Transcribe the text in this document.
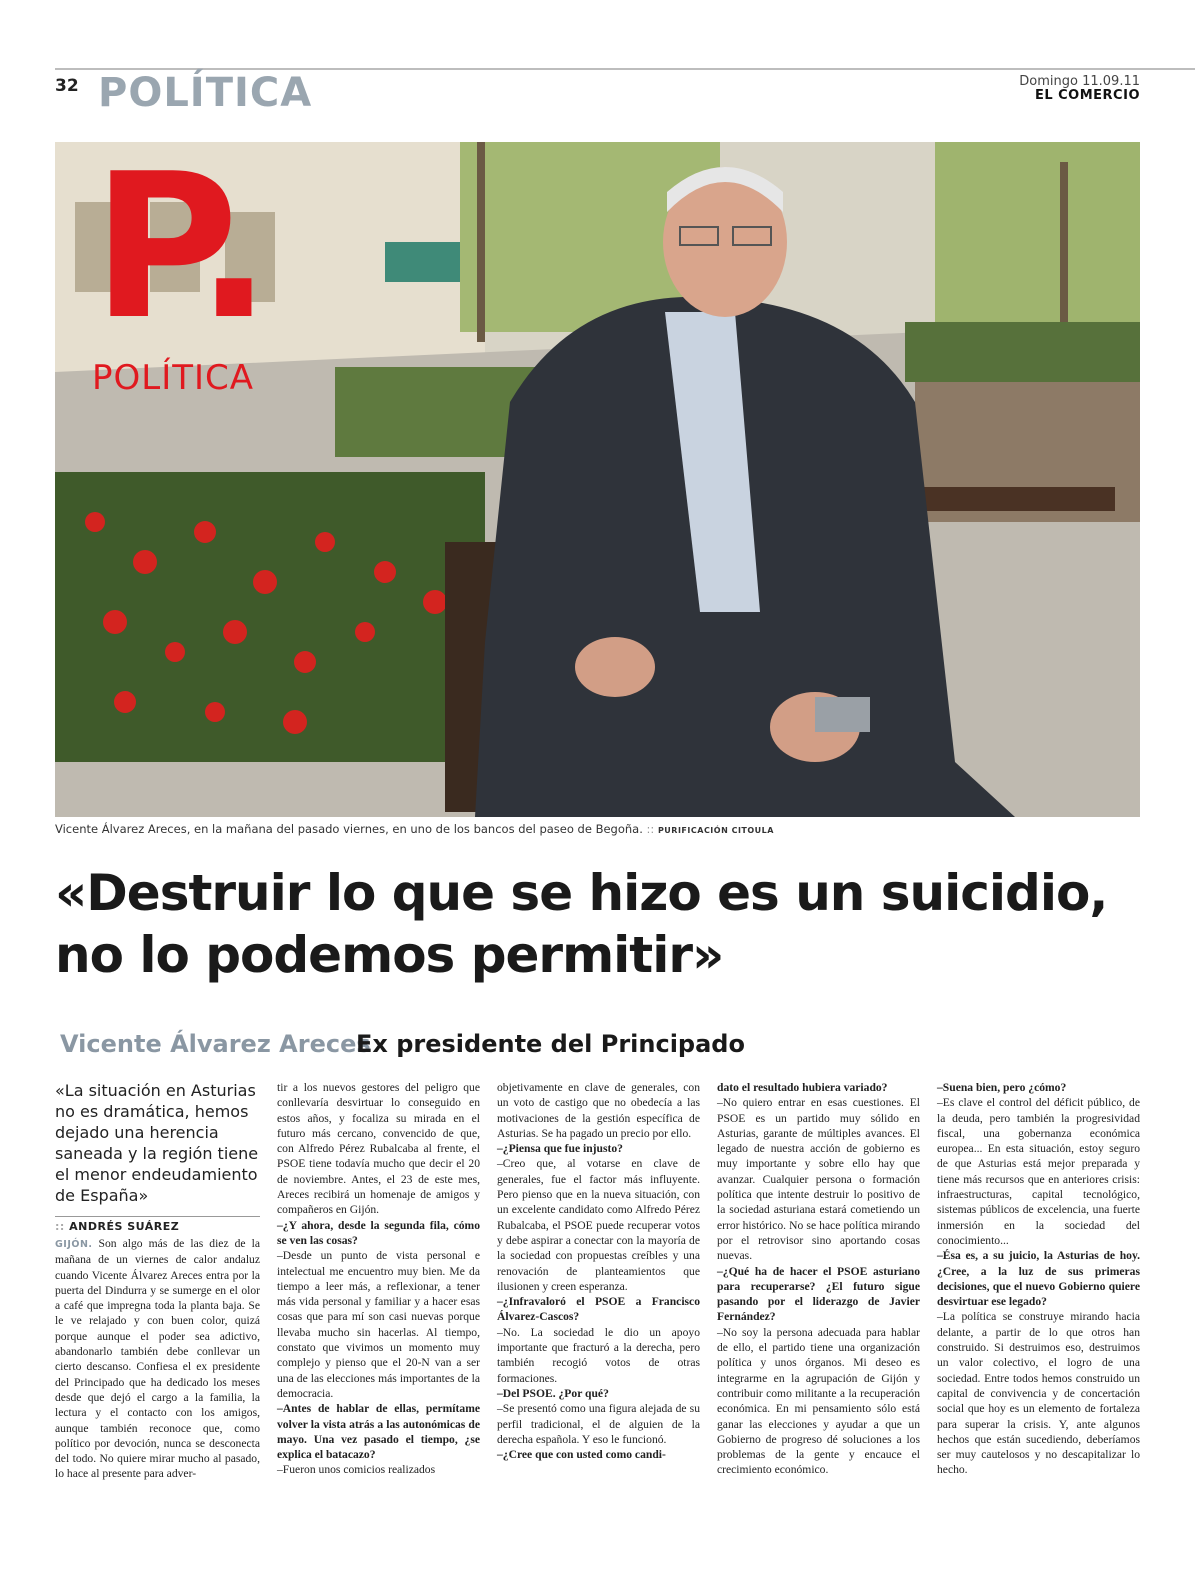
32 POLÍTICA	Domingo 11.09.11
EL COMERCIO
P.
POLÍTICA
Vicente Álvarez Areces, en la mañana del pasado viernes, en uno de los bancos del paseo de Begoña. :: PURIFICACIÓN CITOULA
«Destruir lo que se hizo es un suicidio, no lo podemos permitir»
Vicente Álvarez Areces
Ex presidente del Principado
«La situación en Asturias no es dramática, hemos dejado una herencia saneada y la región tiene el menor endeudamiento de España»
:: ANDRÉS SUÁREZ

GIJÓN. Son algo más de las diez de la mañana de un viernes de calor andaluz cuando Vicente Álvarez Areces entra por la puerta del Dindurra y se sumerge en el olor a café que impregna toda la planta baja. Se le ve relajado y con buen color, quizá porque aunque el poder sea adictivo, abandonarlo también debe conllevar un cierto descanso. Confiesa el ex presidente del Principado que ha dedicado los meses desde que dejó el cargo a la familia, la lectura y el contacto con los amigos, aunque también reconoce que, como político por devoción, nunca se desconecta del todo. No quiere mirar mucho al pasado, lo hace al presente para adver-

tir a los nuevos gestores del peligro que conllevaría desvirtuar lo conseguido en estos años, y focaliza su mirada en el futuro más cercano, convencido de que, con Alfredo Pérez Rubalcaba al frente, el PSOE tiene todavía mucho que decir el 20 de noviembre. Antes, el 23 de este mes, Areces recibirá un homenaje de amigos y compañeros en Gijón.

–¿Y ahora, desde la segunda fila, cómo se ven las cosas?

–Desde un punto de vista personal e intelectual me encuentro muy bien. Me da tiempo a leer más, a reflexionar, a tener más vida personal y familiar y a hacer esas cosas que para mí son casi nuevas porque llevaba mucho sin hacerlas. Al tiempo, constato que vivimos un momento muy complejo y pienso que el 20-N van a ser una de las elecciones más importantes de la democracia.

–Antes de hablar de ellas, permítame volver la vista atrás a las autonómicas de mayo. Una vez pasado el tiempo, ¿se explica el batacazo?

–Fueron unos comicios realizados

objetivamente en clave de generales, con un voto de castigo que no obedecía a las motivaciones de la gestión específica de Asturias. Se ha pagado un precio por ello.

–¿Piensa que fue injusto?

–Creo que, al votarse en clave de generales, fue el factor más influyente. Pero pienso que en la nueva situación, con un excelente candidato como Alfredo Pérez Rubalcaba, el PSOE puede recuperar votos y debe aspirar a conectar con la mayoría de la sociedad con propuestas creíbles y una renovación de planteamientos que ilusionen y creen esperanza.

–¿Infravaloró el PSOE a Francisco Álvarez-Cascos?

–No. La sociedad le dio un apoyo importante que fracturó a la derecha, pero también recogió votos de otras formaciones.

–Del PSOE. ¿Por qué?

–Se presentó como una figura alejada de su perfil tradicional, el de alguien de la derecha española. Y eso le funcionó.

–¿Cree que con usted como candi-

dato el resultado hubiera variado?

–No quiero entrar en esas cuestiones. El PSOE es un partido muy sólido en Asturias, garante de múltiples avances. El legado de nuestra acción de gobierno es muy importante y sobre ello hay que avanzar. Cualquier persona o formación política que intente destruir lo positivo de la sociedad asturiana estará cometiendo un error histórico. No se hace política mirando por el retrovisor sino aportando cosas nuevas.

–¿Qué ha de hacer el PSOE asturiano para recuperarse? ¿El futuro sigue pasando por el liderazgo de Javier Fernández?

–No soy la persona adecuada para hablar de ello, el partido tiene una organización política y unos órganos. Mi deseo es integrarme en la agrupación de Gijón y contribuir como militante a la recuperación económica. En mi pensamiento sólo está ganar las elecciones y ayudar a que un Gobierno de progreso dé soluciones a los problemas de la gente y encauce el crecimiento económico.

–Suena bien, pero ¿cómo?

–Es clave el control del déficit público, de la deuda, pero también la progresividad fiscal, una gobernanza económica europea... En esta situación, estoy seguro de que Asturias está mejor preparada y tiene más recursos que en anteriores crisis: infraestructuras, capital tecnológico, sistemas públicos de excelencia, una fuerte inmersión en la sociedad del conocimiento...

–Ésa es, a su juicio, la Asturias de hoy. ¿Cree, a la luz de sus primeras decisiones, que el nuevo Gobierno quiere desvirtuar ese legado?

–La política se construye mirando hacia delante, a partir de lo que otros han construido. Si destruimos eso, destruimos un valor colectivo, el logro de una sociedad. Entre todos hemos construido un capital de convivencia y de concertación social que hoy es un elemento de fortaleza para superar la crisis. Y, ante algunos hechos que están sucediendo, deberíamos ser muy cautelosos y no descapitalizar lo hecho.
